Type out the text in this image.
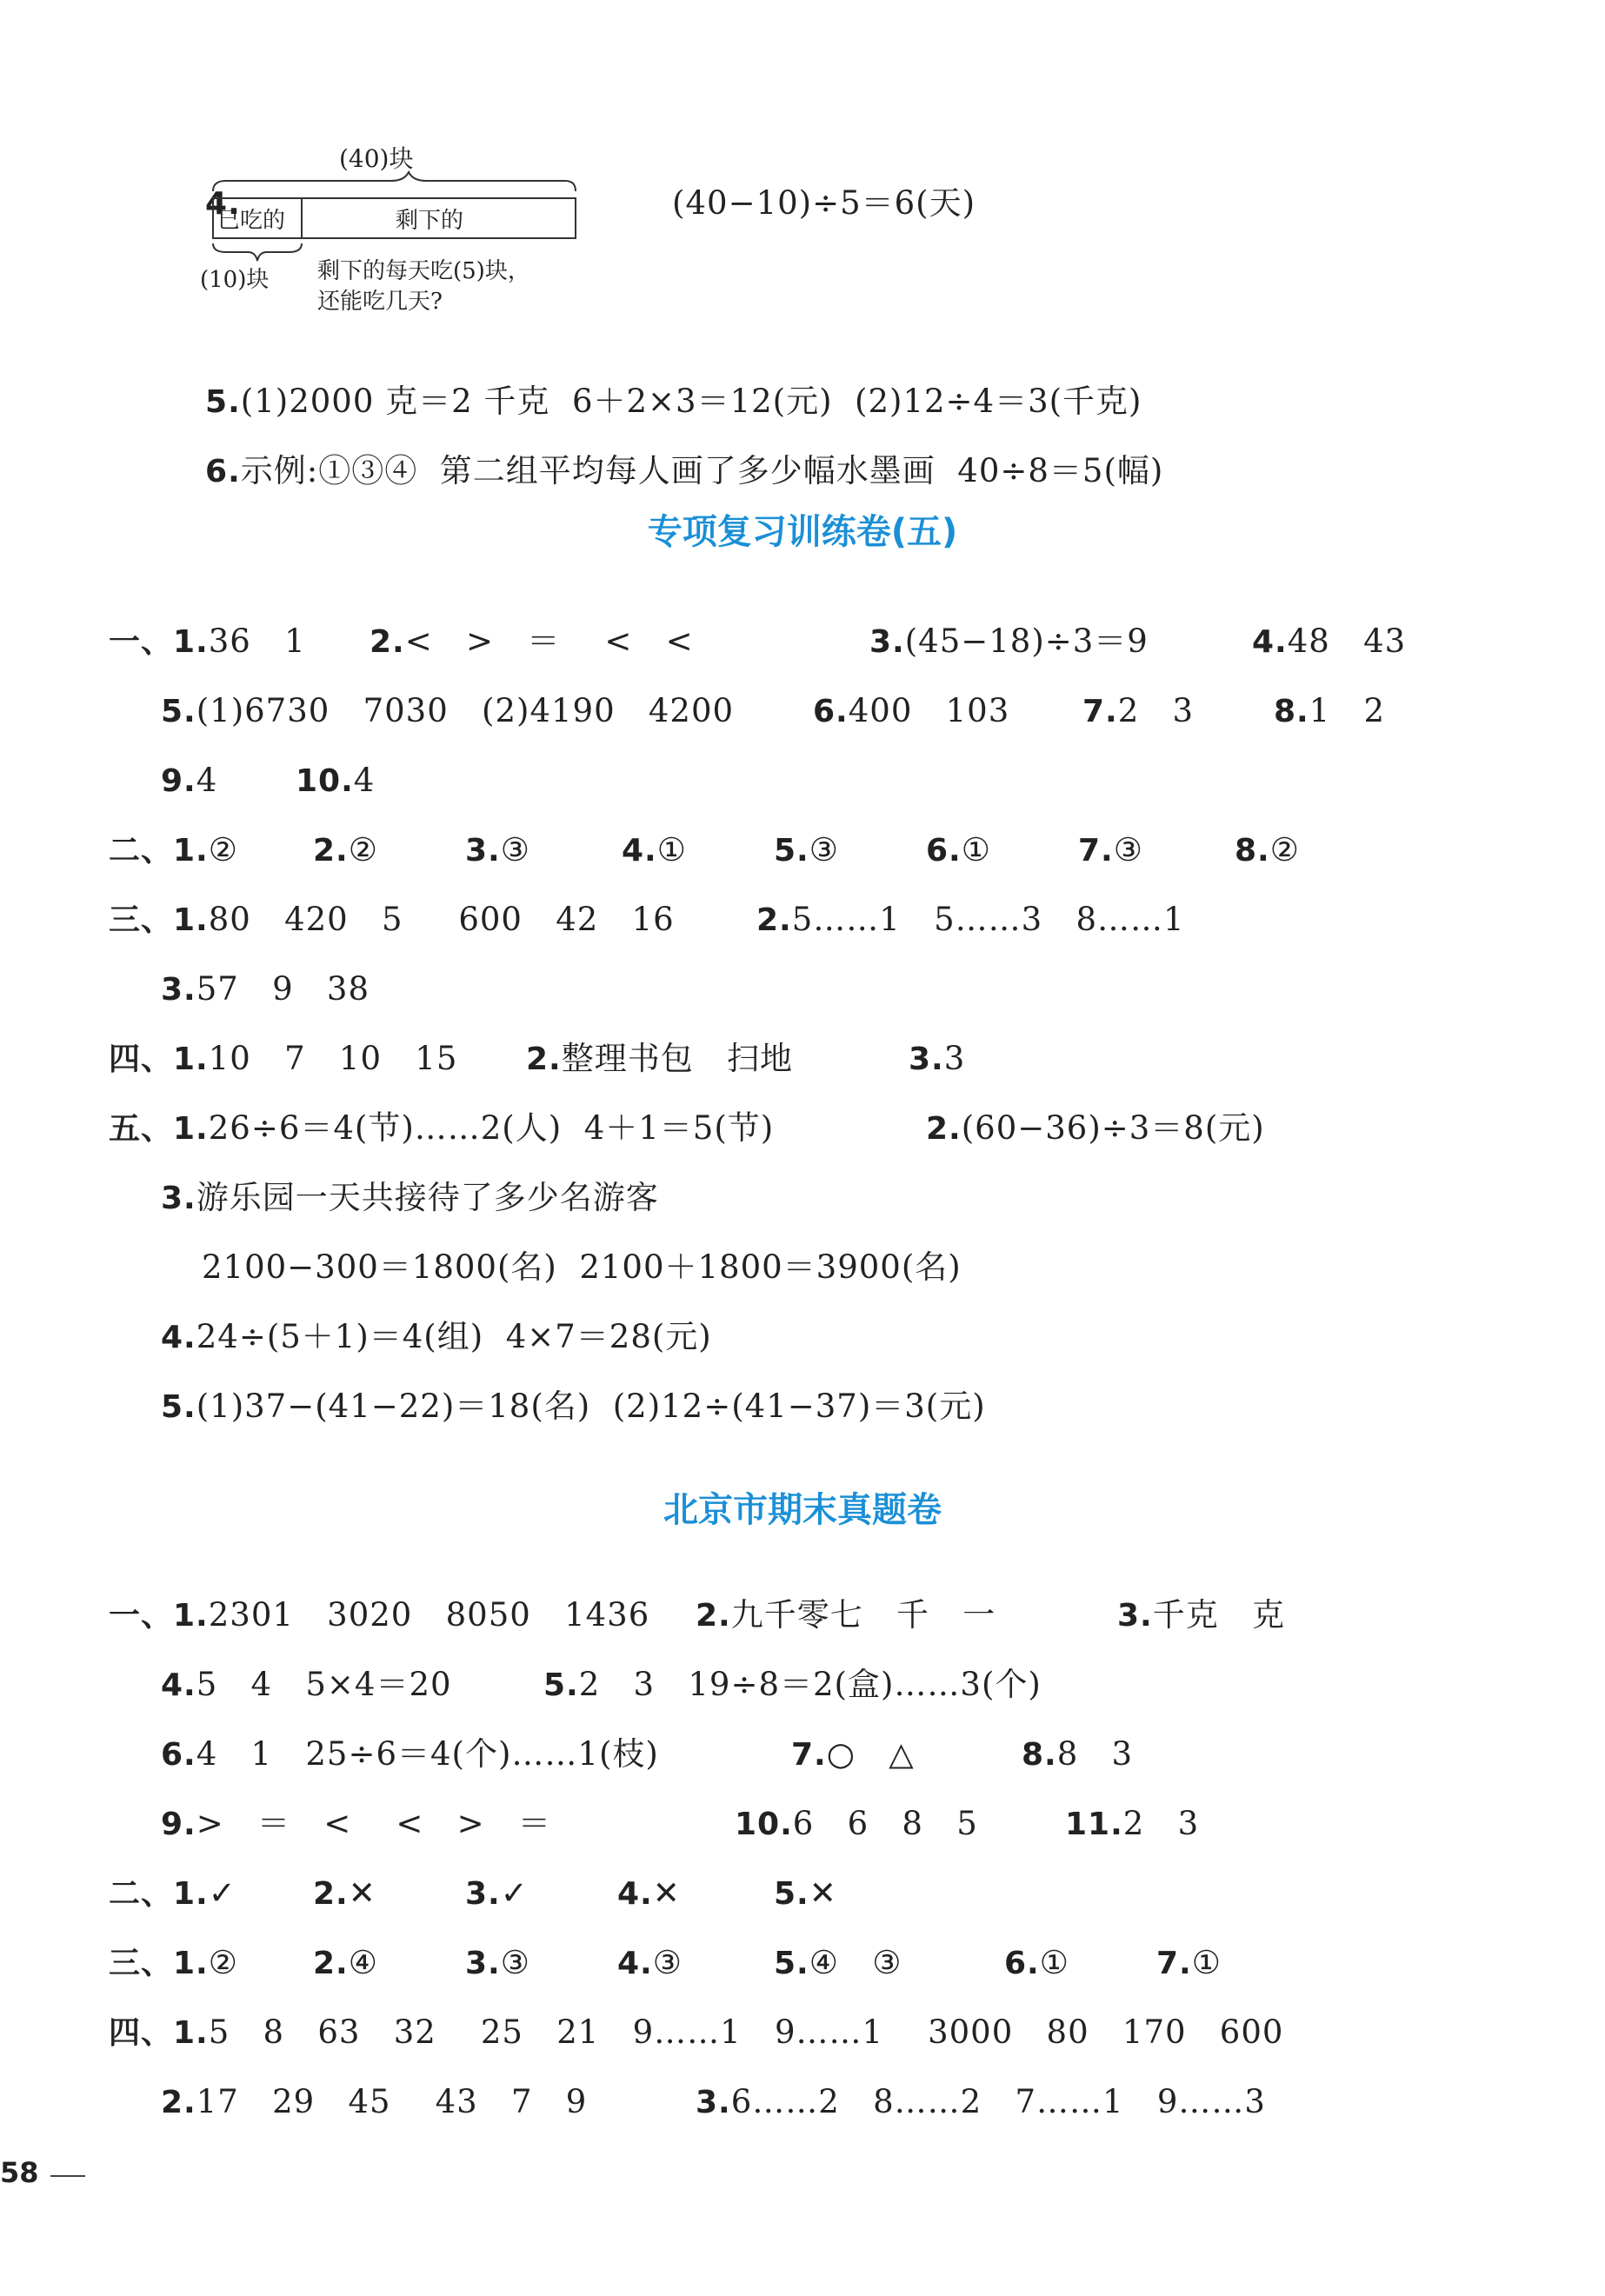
4.

(40)块
已吃的	剩下的
(10)块 剩下的每天吃(5)块，
还能吃几天?

(40−10)÷5＝6(天)

5.(1)2000 克＝2 千克  6＋2×3＝12(元)  (2)12÷4＝3(千克)

6.示例:①③④  第二组平均每人画了多少幅水墨画  40÷8＝5(幅)

专项复习训练卷(五)
一、1.36   1 2.<   >   ＝    <   <	3.(45−18)÷3＝9	4.48   43
5.(1)6730   7030   (2)4190   4200	6.400   103 7.2   3	8.1   2
9.4 10.4
二、1.② 2.②	3.③	4.①	5.③	6.①	7.③	8.②
三、1.80   420   5     600   42   16	2.5……1   5……3   8……1
3.57   9   38
四、1.10   7   10   15 2.整理书包   扫地	3.3
五、1.26÷6＝4(节)……2(人)  4＋1＝5(节)	2.(60−36)÷3＝8(元)
3.游乐园一天共接待了多少名游客
2100−300＝1800(名)  2100＋1800＝3900(名)
4.24÷(5＋1)＝4(组)  4×7＝28(元)
5.(1)37−(41−22)＝18(名)  (2)12÷(41−37)＝3(元)
北京市期末真题卷
一、1.2301   3020   8050   1436 2.九千零七   千   一	3.千克   克
4.5   4   5×4＝20	5.2   3   19÷8＝2(盒)……3(个)
6.4   1   25÷6＝4(个)……1(枝)	7.○   △	8.8   3
9.>   ＝   <    <   >   ＝	10.6   6   8   5	11.2   3
二、1.✓ 2.✕	3.✓	4.✕	5.✕
三、1.② 2.④	3.③	4.③	5.④   ③	6.①	7.①
四、1.5   8   63   32    25   21   9……1   9……1    3000   80   170   600
2.17   29   45    43   7   9	3.6……2   8……2   7……1   9……3
58
